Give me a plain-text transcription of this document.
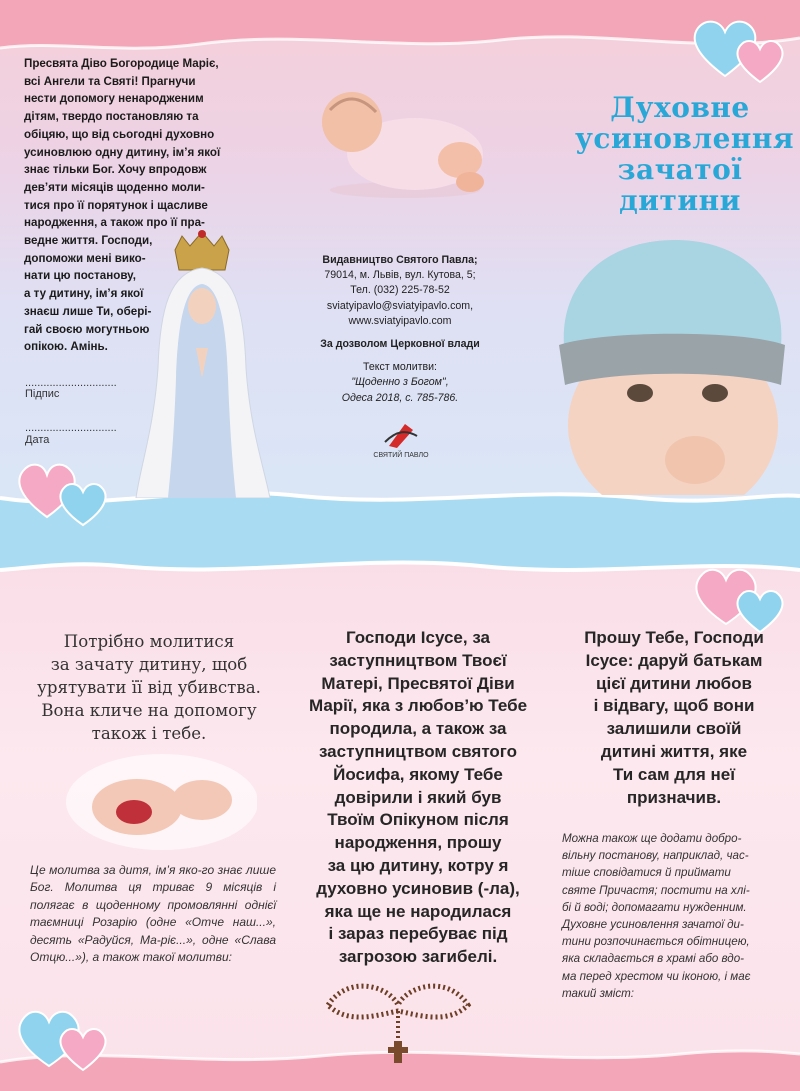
Пресвята Діво Богородице Маріє,
всі Ангели та Святі! Прагнучи
нести допомогу ненародженим
дітям, твердо постановляю та
обіцяю, що від сьогодні духовно
усиновлюю одну дитину, ім’я якої
знає тільки Бог. Хочу впродовж
дев’яти місяців щоденно моли-
тися про її порятунок і щасливе
народження, а також про її пра-
ведне життя. Господи,
допоможи мені вико-
нати цю постанову,
а ту дитину, ім’я якої
знаєш лише Ти, оберi-
гай своєю могутньою
опікою. Амінь.
..............................
Підпис
..............................
Дата
Видавництво Святого Павла;
79014, м. Львів, вул. Кутова, 5;
Тел. (032) 225-78-52
sviatyipavlo@sviatyipavlo.com,
www.sviatyipavlo.com
За дозволом Церковної влади
Текст молитви:
"Щоденно з Богом",
Одеса 2018, с. 785-786.
СВЯТИЙ ПАВЛО
Духовне
усиновлення
зачатої
дитини
Потрібно молитися
за зачату дитину, щоб
урятувати її від убивства.
Вона кличе на допомогу
також і тебе.
Це молитва за дитя, ім’я яко-го знає лише Бог. Молитва ця триває 9 місяців і полягає в щоденному промовлянні однієї таємниці Розарію (одне «Отче наш...», десять «Радуйся, Ма-ріє...», одне «Слава Отцю...»), а також такої молитви:
Господи Ісусе, за
заступництвом Твоєї
Матері, Пресвятої Діви
Марії, яка з любов’ю Тебе
породила, а також за
заступництвом святого
Йосифа, якому Тебе
довірили і який був
Твоїм Опікуном після
народження, прошу
за цю дитину, котру я
духовно усиновив (-ла),
яка ще не народилася
і зараз перебуває під
загрозою загибелі.
Прошу Тебе, Господи
Ісусе: даруй батькам
цієї дитини любов
і відвагу, щоб вони
залишили своїй
дитині життя, яке
Ти сам для неї
призначив.
Можна також ще додати добро-
вільну постанову, наприклад, час-
тіше сповідатися й приймати
святе Причастя; постити на хлі-
бі й воді; допомагати нужденним.
Духовне усиновлення зачатої ди-
тини розпочинається обітницею,
яка складається в храмі або вдо-
ма перед хрестом чи іконою, і має
такий зміст:
